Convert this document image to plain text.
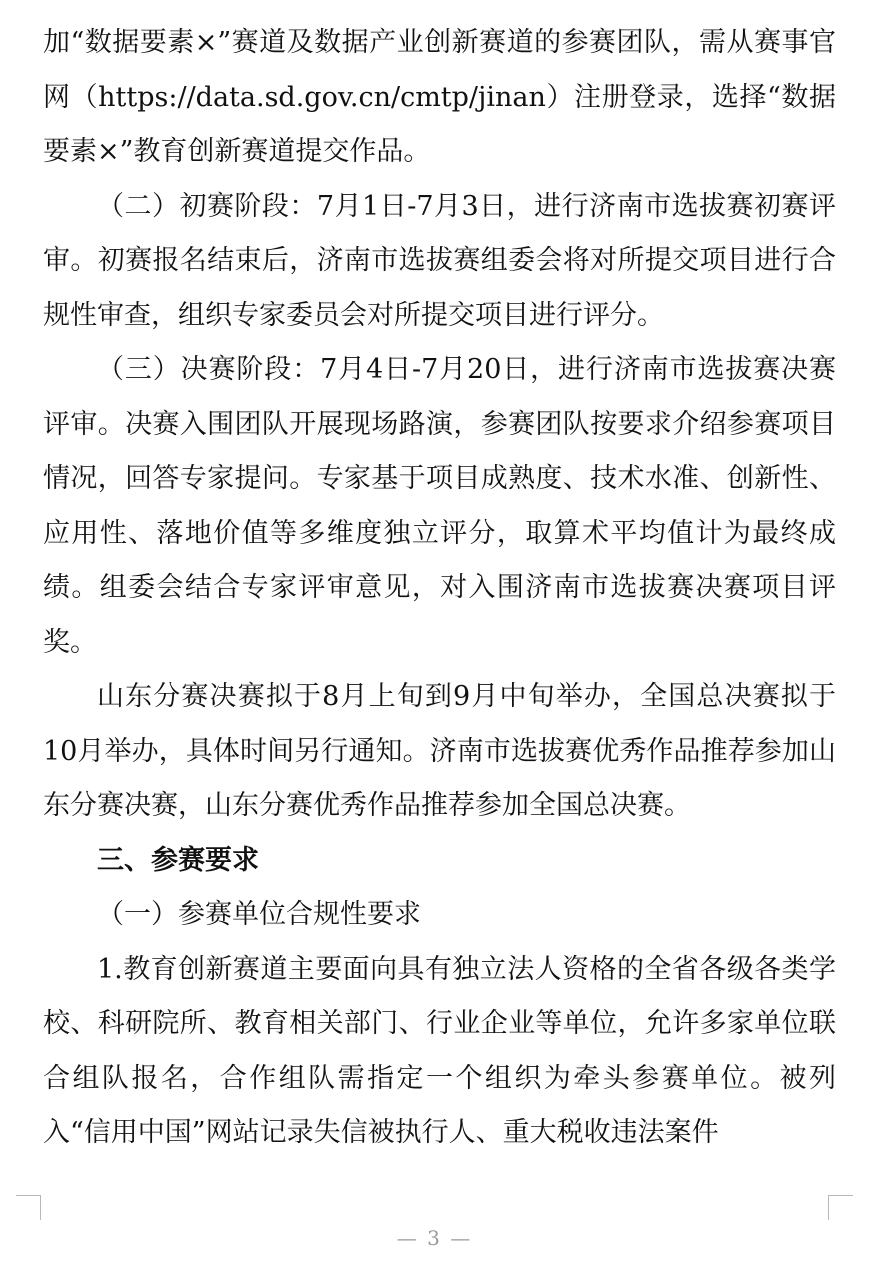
加“数据要素×”赛道及数据产业创新赛道的参赛团队，需从赛事官网（https://data.sd.gov.cn/cmtp/jinan）注册登录，选择“数据要素×”教育创新赛道提交作品。

（二）初赛阶段：7月1日-7月3日，进行济南市选拔赛初赛评审。初赛报名结束后，济南市选拔赛组委会将对所提交项目进行合规性审查，组织专家委员会对所提交项目进行评分。

（三）决赛阶段：7月4日-7月20日，进行济南市选拔赛决赛评审。决赛入围团队开展现场路演，参赛团队按要求介绍参赛项目情况，回答专家提问。专家基于项目成熟度、技术水准、创新性、应用性、落地价值等多维度独立评分，取算术平均值计为最终成绩。组委会结合专家评审意见，对入围济南市选拔赛决赛项目评奖。

山东分赛决赛拟于8月上旬到9月中旬举办，全国总决赛拟于10月举办，具体时间另行通知。济南市选拔赛优秀作品推荐参加山东分赛决赛，山东分赛优秀作品推荐参加全国总决赛。

三、参赛要求

（一）参赛单位合规性要求

1.教育创新赛道主要面向具有独立法人资格的全省各级各类学校、科研院所、教育相关部门、行业企业等单位，允许多家单位联合组队报名，合作组队需指定一个组织为牵头参赛单位。被列入“信用中国”网站记录失信被执行人、重大税收违法案件

— 3 —
